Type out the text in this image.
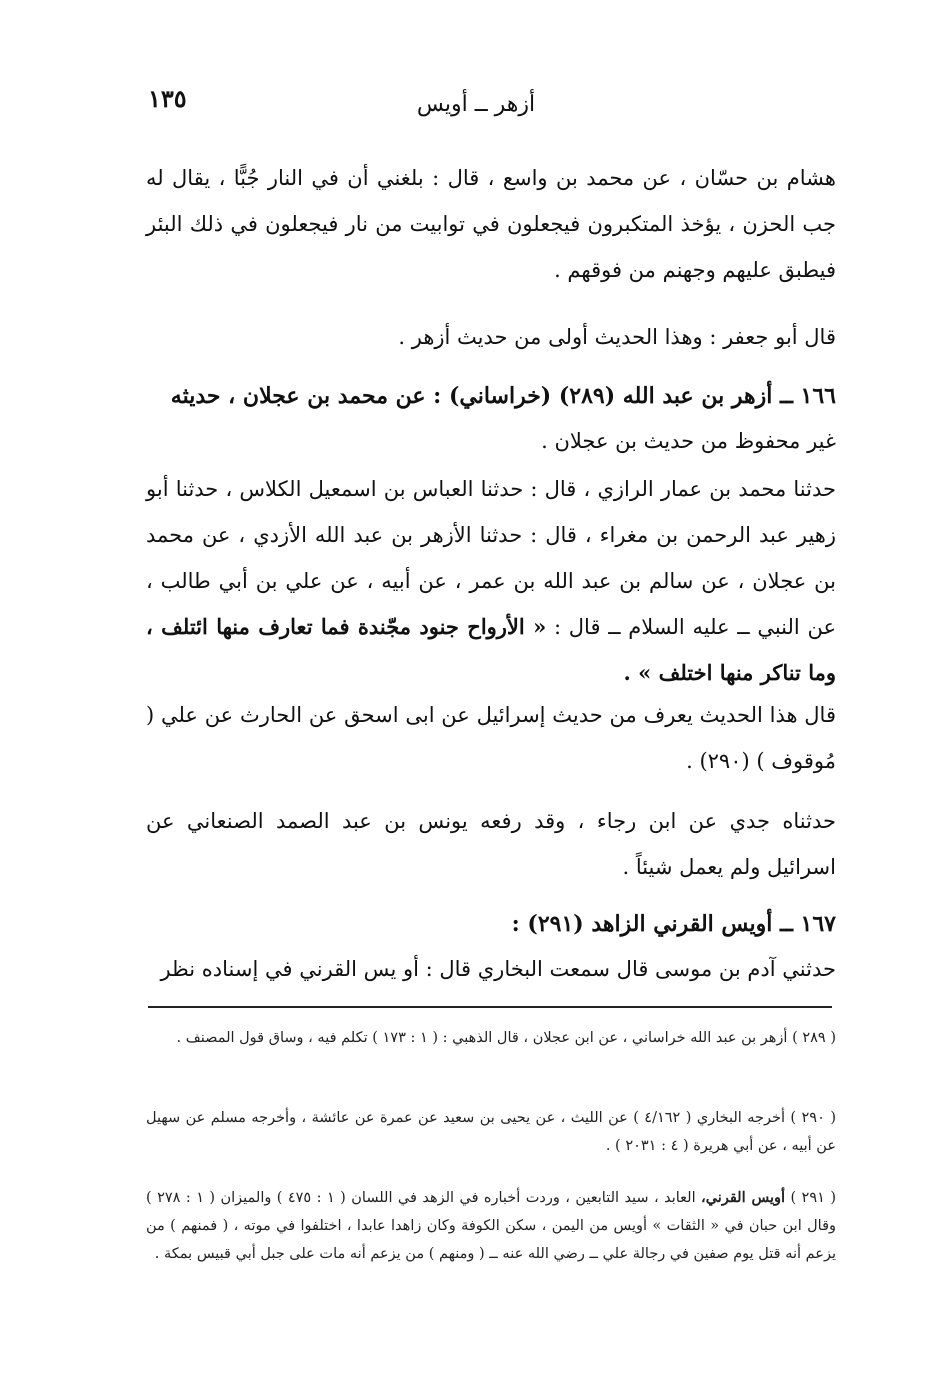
١٣٥	أزهر ــ أويس

هشام بن حسّان ، عن محمد بن واسع ، قال : بلغني أن في النار جُبًّا ، يقال له جب الحزن ، يؤخذ المتكبرون فيجعلون في توابيت من نار فيجعلون في ذلك البئر فيطبق عليهم وجهنم من فوقهم .

قال أبو جعفر : وهذا الحديث أولى من حديث أزهر .

١٦٦ ــ أزهر بن عبد الله (٢٨٩) (خراساني) : عن محمد بن عجلان ، حديثه

غير محفوظ من حديث بن عجلان .

حدثنا محمد بن عمار الرازي ، قال : حدثنا العباس بن اسمعيل الكلاس ، حدثنا أبو زهير عبد الرحمن بن مغراء ، قال : حدثنا الأزهر بن عبد الله الأزدي ، عن محمد بن عجلان ، عن سالم بن عبد الله بن عمر ، عن أبيه ، عن علي بن أبي طالب ، عن النبي ــ عليه السلام ــ قال : « الأرواح جنود مجّندة فما تعارف منها ائتلف ، وما تناكر منها اختلف » .

قال هذا الحديث يعرف من حديث إسرائيل عن ابى اسحق عن الحارث عن علي ( مُوقوف ) (٢٩٠) .

حدثناه جدي عن ابن رجاء ، وقد رفعه يونس بن عبد الصمد الصنعاني عن اسرائيل ولم يعمل شيئاً .

١٦٧ ــ أويس القرني الزاهد (٢٩١) :

حدثني آدم بن موسى قال سمعت البخاري قال : أو يس القرني في إسناده نظر

( ٢٨٩ ) أزهر بن عبد الله خراساني ، عن ابن عجلان ، قال الذهبي : ( ١ : ١٧٣ ) تكلم فيه ، وساق قول المصنف .

( ٢٩٠ ) أخرجه البخاري ( ٤/١٦٢ ) عن الليث ، عن يحيى بن سعيد عن عمرة عن عائشة ، وأخرجه مسلم عن سهيل عن أبيه ، عن أبي هريرة ( ٤ : ٢٠٣١ ) .

( ٢٩١ ) أويس القرني، العابد ، سيد التابعين ، وردت أخباره في الزهد في اللسان ( ١ : ٤٧٥ ) والميزان ( ١ : ٢٧٨ ) وقال ابن حبان في « الثقات » أويس من اليمن ، سكن الكوفة وكان زاهدا عابدا ، اختلفوا في موته ، ( فمنهم ) من يزعم أنه قتل يوم صفين في رجالة علي ــ رضي الله عنه ــ ( ومنهم ) من يزعم أنه مات على جبل أبي قبيس بمكة .
